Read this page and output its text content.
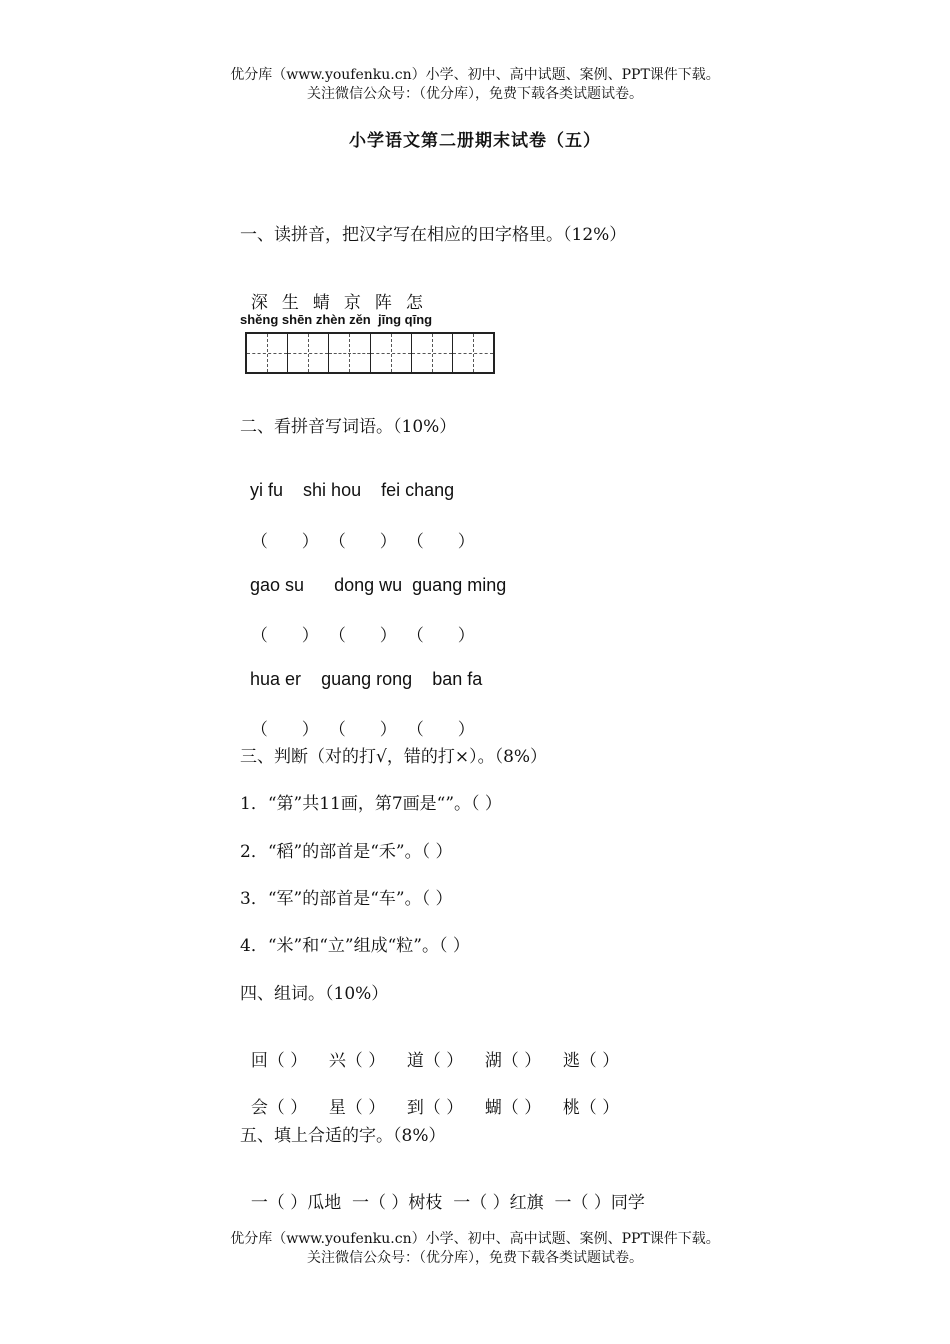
优分库（www.youfenku.cn）小学、初中、高中试题、案例、PPT课件下载。
关注微信公众号：（优分库），免费下载各类试题试卷。
小学语文第二册期末试卷（五）
一、读拼音，把汉字写在相应的田字格里。（12%）

深 生 蜻 京 阵 怎

shěng shēn zhèn zěn  jīng qīng
二、看拼音写词语。（10%）

yi fu shi hou fei chang

（　　） （　　） （　　）

gao su dong wu guang ming

（　　） （　　） （　　）

hua er guang rong ban fa

（　　） （　　） （　　）

三、判断（对的打√，错的打×）。（8%）
1．“第”共11画，第7画是“”。（ ）
2．“稻”的部首是“禾”。（ ）
3．“军”的部首是“车”。（ ）
4．“米”和“立”组成“粒”。（ ）
四、组词。（10%）

回（ ） 兴（ ） 道（ ） 湖（ ） 逃（ ）

会（ ） 星（ ） 到（ ） 蝴（ ） 桃（ ）

五、填上合适的字。（8%）

一（ ）瓜地 一（ ）树枝 一（ ）红旗 一（ ）同学

优分库（www.youfenku.cn）小学、初中、高中试题、案例、PPT课件下载。
关注微信公众号：（优分库），免费下载各类试题试卷。
